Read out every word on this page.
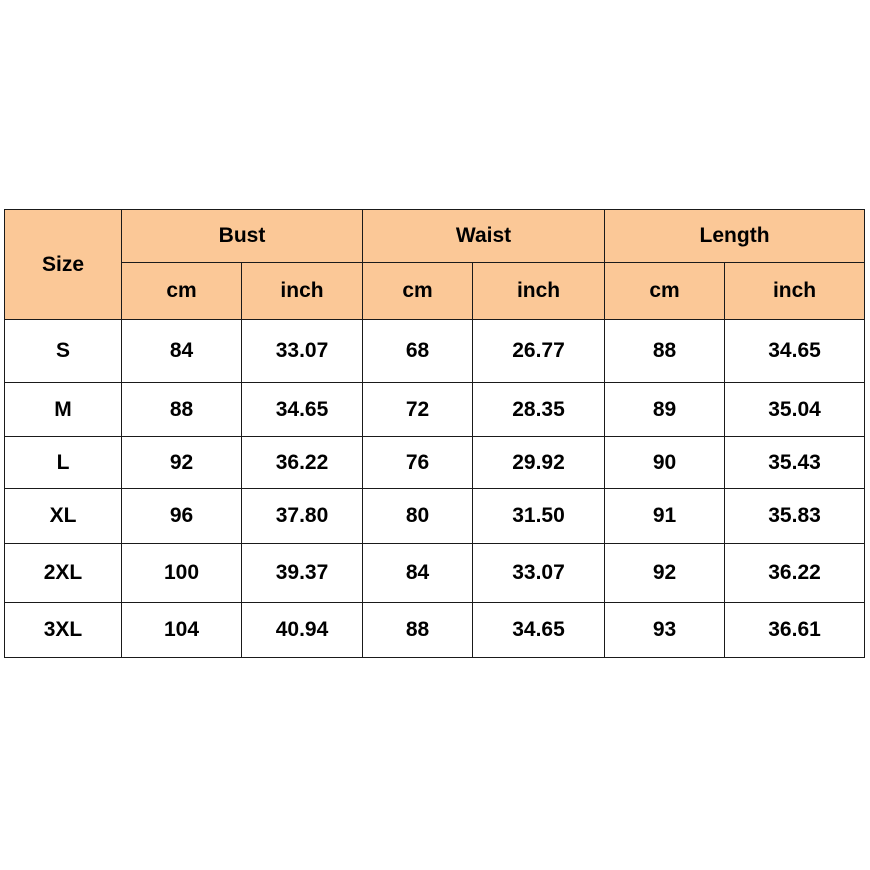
Size	Bust		Waist		Length	
	cm	inch	cm	inch	cm	inch
S	84	33.07	68	26.77	88	34.65
M	88	34.65	72	28.35	89	35.04
L	92	36.22	76	29.92	90	35.43
XL	96	37.80	80	31.50	91	35.83
2XL	100	39.37	84	33.07	92	36.22
3XL	104	40.94	88	34.65	93	36.61
